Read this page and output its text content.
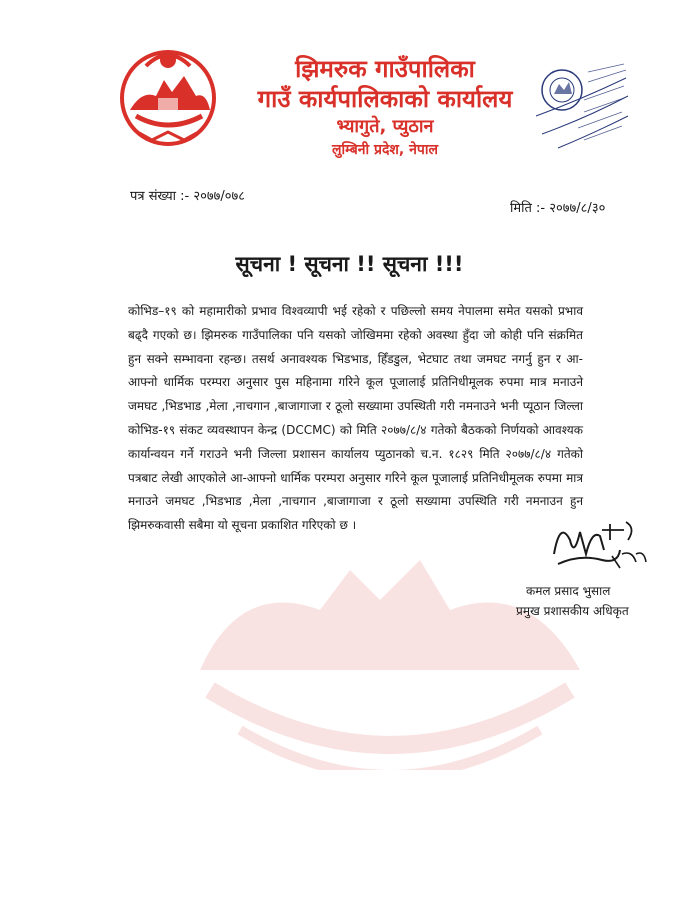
झिमरुक गाउँपालिका
गाउँ कार्यपालिकाको कार्यालय
भ्यागुते, प्युठान
लुम्बिनी प्रदेश, नेपाल
पत्र संख्या :- २०७७/०७८
मिति :- २०७७/८/३०
सूचना ! सूचना !! सूचना !!!
कोभिड–१९ को महामारीको प्रभाव विश्वव्यापी भई रहेको र पछिल्लो समय नेपालमा समेत यसको प्रभाव बढ्दै गएको छ। झिमरुक गाउँपालिका पनि यसको जोखिममा रहेको अवस्था हुँदा जो कोही पनि संक्रमित हुन सक्ने सम्भावना रहन्छ। तसर्थ अनावश्यक भिडभाड, हिँडडुल, भेटघाट तथा जमघट नगर्नु हुन र आ-आफ्नो धार्मिक परम्परा अनुसार पुस महिनामा गरिने कूल पूजालाई प्रतिनिधीमूलक रुपमा मात्र मनाउने जमघट ,भिडभाड ,मेला ,नाचगान ,बाजागाजा र ठूलो सख्यामा उपस्थिती गरी नमनाउने भनी प्यूठान जिल्ला कोभिड-१९ संकट व्यवस्थापन केन्द्र (DCCMC) को मिति २०७७/८/४ गतेको बैठकको निर्णयको आवश्यक कार्यान्वयन गर्ने गराउने भनी जिल्ला प्रशासन कार्यालय प्युठानको च.न. १८२९ मिति २०७७/८/४ गतेको पत्रबाट लेखी आएकोले आ-आफ्नो धार्मिक परम्परा अनुसार गरिने कूल पूजालाई प्रतिनिधीमूलक रुपमा मात्र मनाउने जमघट ,भिडभाड ,मेला ,नाचगान ,बाजागाजा र ठूलो सख्यामा उपस्थिति गरी नमनाउन हुन झिमरुकवासी सबैमा यो सूचना प्रकाशित गरिएको छ ।
कमल प्रसाद भुसाल
प्रमुख प्रशासकीय अधिकृत
